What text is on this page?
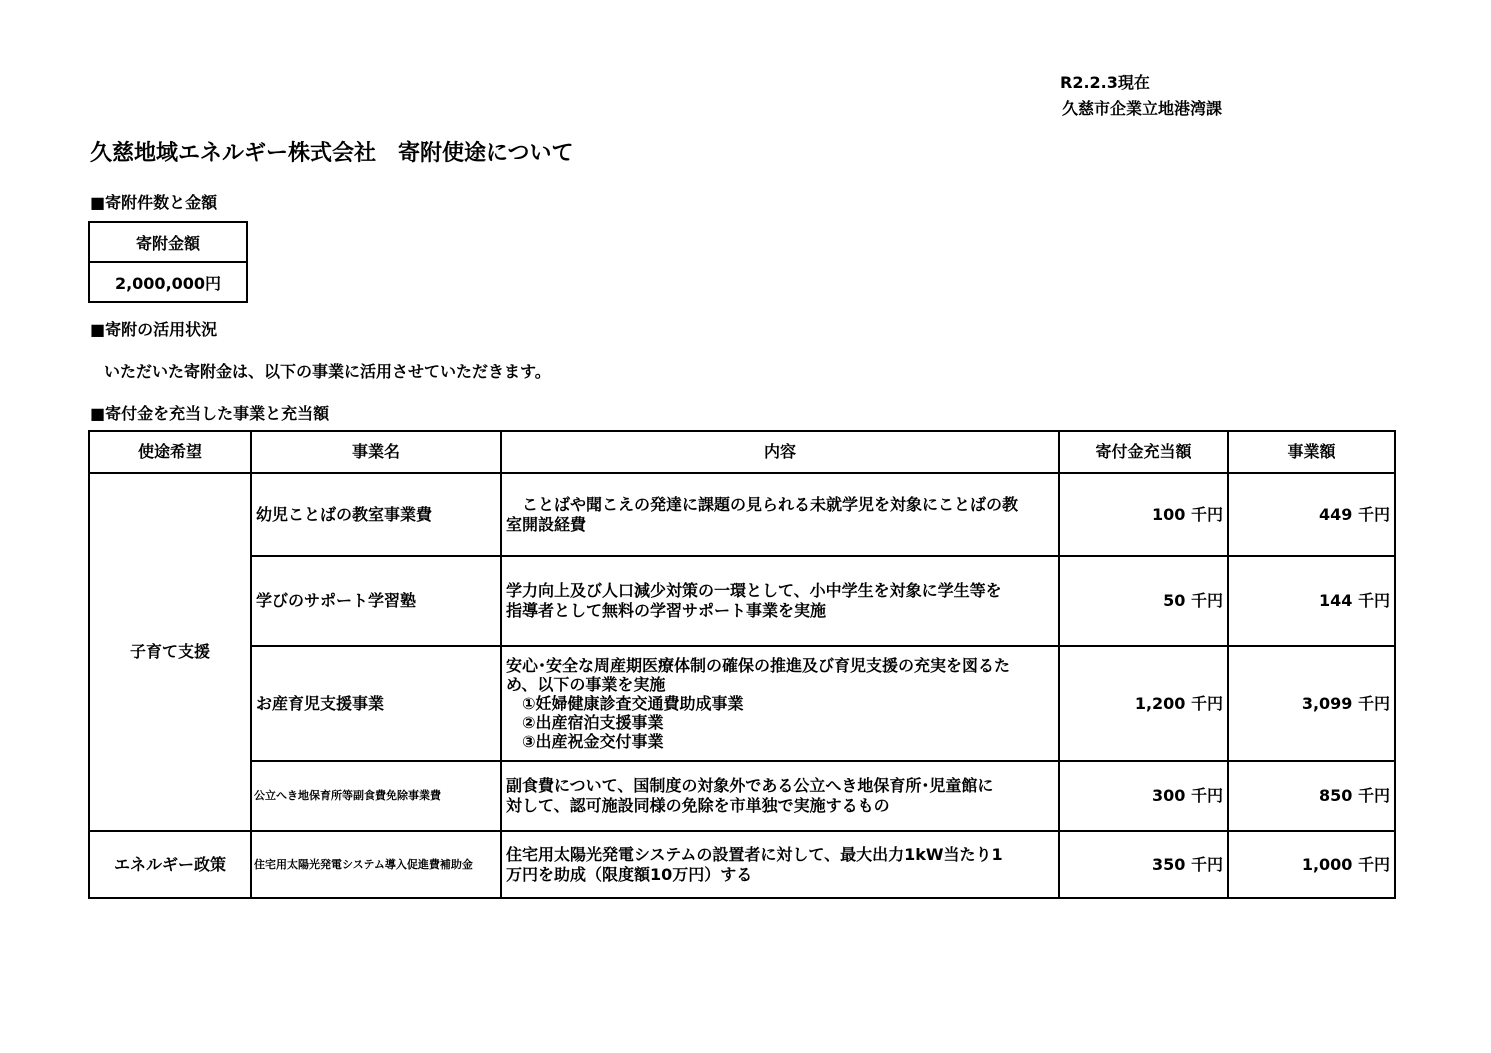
R2.2.3現在
久慈市企業立地港湾課
久慈地域エネルギー株式会社　寄附使途について
■寄附件数と金額
寄附金額
2,000,000円
■寄附の活用状況
いただいた寄附金は、以下の事業に活用させていただきます。
■寄付金を充当した事業と充当額
使途希望	事業名	内容	寄付金充当額	事業額
子育て支援	幼児ことばの教室事業費	　ことばや聞こえの発達に課題の見られる未就学児を対象にことばの教
室開設経費	100 千円	449 千円
	学びのサポート学習塾	学力向上及び人口減少対策の一環として、小中学生を対象に学生等を
指導者として無料の学習サポート事業を実施	50 千円	144 千円
	お産育児支援事業	安心･安全な周産期医療体制の確保の推進及び育児支援の充実を図るた
め、以下の事業を実施
　①妊婦健康診査交通費助成事業
　②出産宿泊支援事業
　③出産祝金交付事業	1,200 千円	3,099 千円
	公立へき地保育所等副食費免除事業費	副食費について、国制度の対象外である公立へき地保育所･児童館に
対して、認可施設同様の免除を市単独で実施するもの	300 千円	850 千円
エネルギー政策	住宅用太陽光発電システム導入促進費補助金	住宅用太陽光発電システムの設置者に対して、最大出力1kW当たり1
万円を助成（限度額10万円）する	350 千円	1,000 千円
